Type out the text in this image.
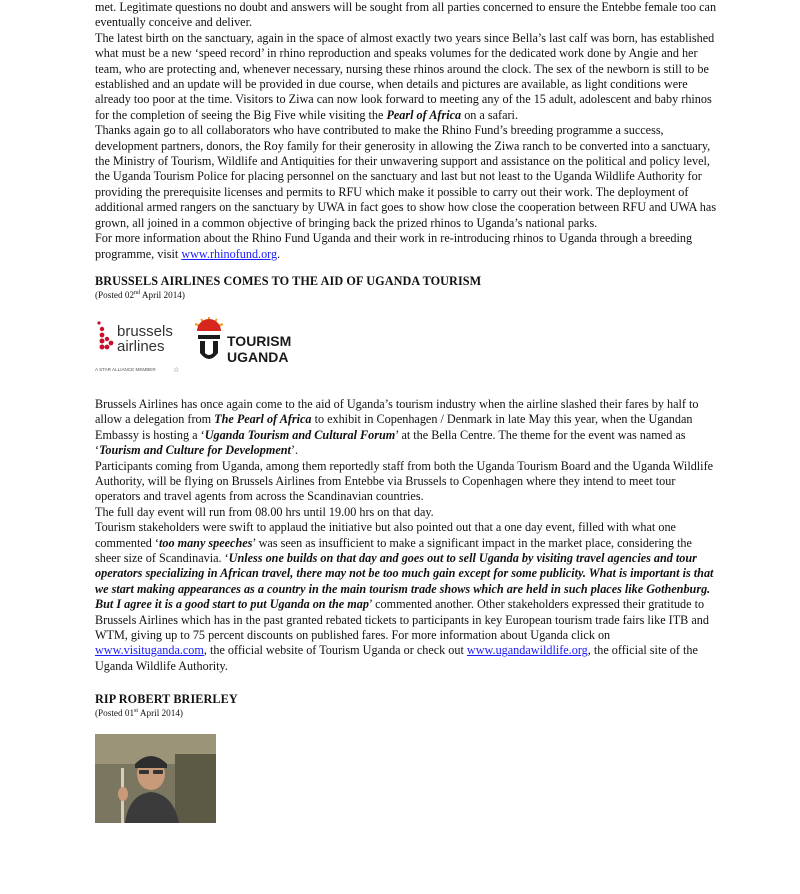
met. Legitimate questions no doubt and answers will be sought from all parties concerned to ensure the Entebbe female too can eventually conceive and deliver.

The latest birth on the sanctuary, again in the space of almost exactly two years since Bella’s last calf was born, has established what must be a new ‘speed record’ in rhino reproduction and speaks volumes for the dedicated work done by Angie and her team, who are protecting and, whenever necessary, nursing these rhinos around the clock. The sex of the newborn is still to be established and an update will be provided in due course, when details and pictures are available, as light conditions were already too poor at the time. Visitors to Ziwa can now look forward to meeting any of the 15 adult, adolescent and baby rhinos for the completion of seeing the Big Five while visiting the Pearl of Africa on a safari.

Thanks again go to all collaborators who have contributed to make the Rhino Fund’s breeding programme a success, development partners, donors, the Roy family for their generosity in allowing the Ziwa ranch to be converted into a sanctuary, the Ministry of Tourism, Wildlife and Antiquities for their unwavering support and assistance on the political and policy level, the Uganda Tourism Police for placing personnel on the sanctuary and last but not least to the Uganda Wildlife Authority for providing the prerequisite licenses and permits to RFU which make it possible to carry out their work. The deployment of additional armed rangers on the sanctuary by UWA in fact goes to show how close the cooperation between RFU and UWA has grown, all joined in a common objective of bringing back the prized rhinos to Uganda’s national parks.

For more information about the Rhino Fund Uganda and their work in re-introducing rhinos to Uganda through a breeding programme, visit www.rhinofund.org.

BRUSSELS AIRLINES COMES TO THE AID OF UGANDA TOURISM

(Posted 02nd April 2014)

brussels
airlines
A STAR ALLIANCE MEMBER ☆
TOURISM
UGANDA

Brussels Airlines has once again come to the aid of Uganda’s tourism industry when the airline slashed their fares by half to allow a delegation from The Pearl of Africa to exhibit in Copenhagen / Denmark in late May this year, when the Ugandan Embassy is hosting a ‘Uganda Tourism and Cultural Forum’ at the Bella Centre. The theme for the event was named as ‘Tourism and Culture for Development’.

Participants coming from Uganda, among them reportedly staff from both the Uganda Tourism Board and the Uganda Wildlife Authority, will be flying on Brussels Airlines from Entebbe via Brussels to Copenhagen where they intend to meet tour operators and travel agents from across the Scandinavian countries.

The full day event will run from 08.00 hrs until 19.00 hrs on that day.

Tourism stakeholders were swift to applaud the initiative but also pointed out that a one day event, filled with what one commented ‘too many speeches’ was seen as insufficient to make a significant impact in the market place, considering the sheer size of Scandinavia. ‘Unless one builds on that day and goes out to sell Uganda by visiting travel agencies and tour operators specializing in African travel, there may not be too much gain except for some publicity. What is important is that we start making appearances as a country in the main tourism trade shows which are held in such places like Gothenburg. But I agree it is a good start to put Uganda on the map’ commented another. Other stakeholders expressed their gratitude to Brussels Airlines which has in the past granted rebated tickets to participants in key European tourism trade fairs like ITB and WTM, giving up to 75 percent discounts on published fares. For more information about Uganda click on www.visituganda.com, the official website of Tourism Uganda or check out www.ugandawildlife.org, the official site of the Uganda Wildlife Authority.

RIP ROBERT BRIERLEY

(Posted 01st April 2014)
